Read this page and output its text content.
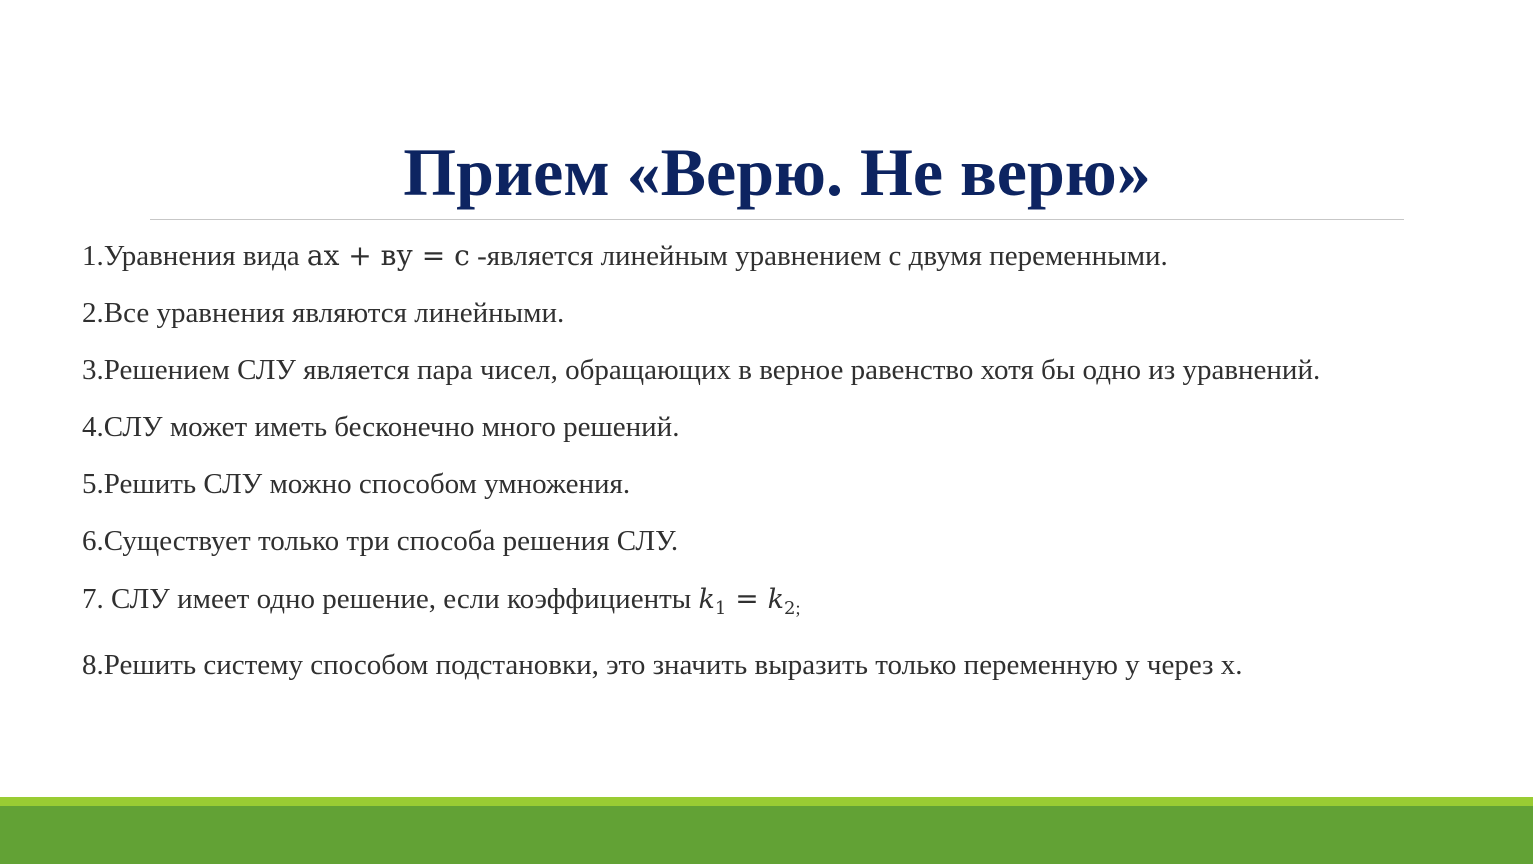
Прием «Верю. Не верю»
1.Уравнения вида ах + ву = с -является линейным уравнением с двумя переменными.
2.Все уравнения являются линейными.
3.Решением СЛУ является пара чисел, обращающих в верное равенство хотя бы одно из уравнений.
4.СЛУ может иметь бесконечно много решений.
5.Решить СЛУ можно способом умножения.
6.Существует только три способа решения СЛУ.
7. СЛУ имеет одно решение, если коэффициенты $k_1 = k_{2;}$
8.Решить систему способом подстановки, это значить выразить только переменную у через х.
